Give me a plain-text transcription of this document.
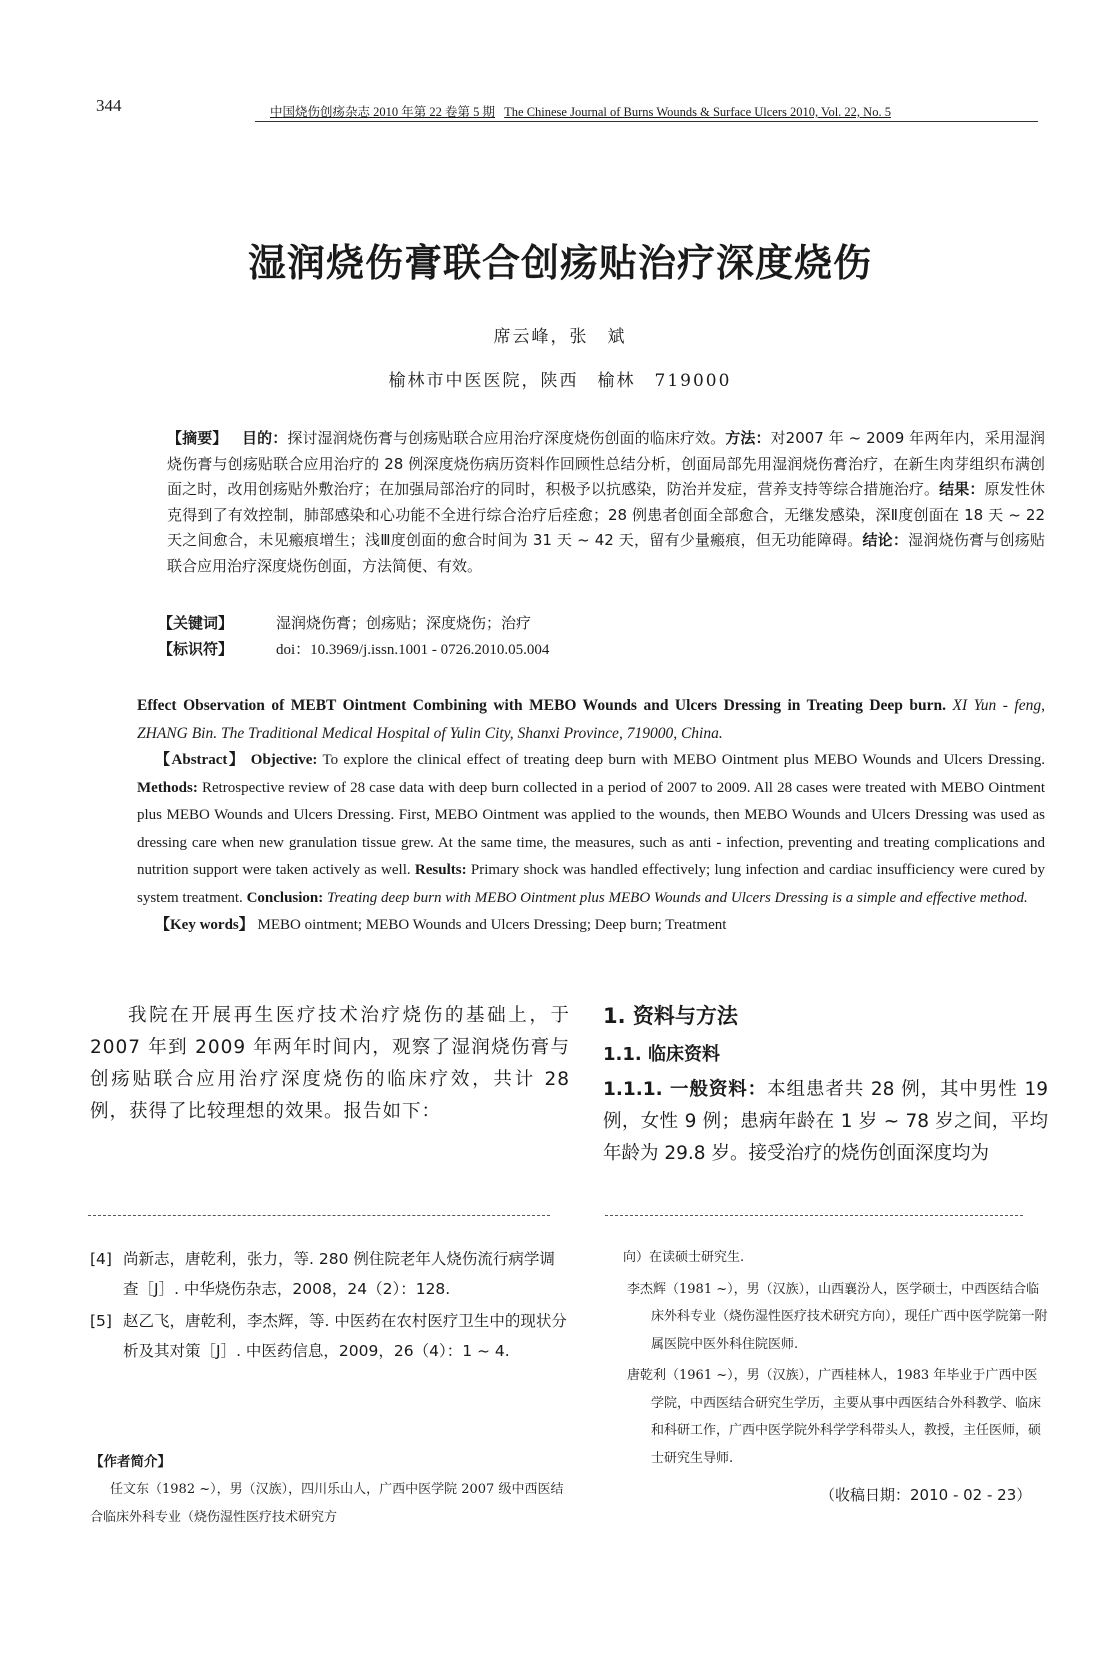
344	中国烧伤创疡杂志 2010 年第 22 卷第 5 期 The Chinese Journal of Burns Wounds & Surface Ulcers 2010, Vol. 22, No. 5
湿润烧伤膏联合创疡贴治疗深度烧伤
席云峰，张　斌
榆林市中医医院，陕西　榆林　719000
【摘要】 目的：探讨湿润烧伤膏与创疡贴联合应用治疗深度烧伤创面的临床疗效。方法：对2007 年 ~ 2009 年两年内，采用湿润烧伤膏与创疡贴联合应用治疗的 28 例深度烧伤病历资料作回顾性总结分析，创面局部先用湿润烧伤膏治疗，在新生肉芽组织布满创面之时，改用创疡贴外敷治疗；在加强局部治疗的同时，积极予以抗感染，防治并发症，营养支持等综合措施治疗。结果：原发性休克得到了有效控制，肺部感染和心功能不全进行综合治疗后痊愈；28 例患者创面全部愈合，无继发感染，深Ⅱ度创面在 18 天 ~ 22 天之间愈合，未见瘢痕增生；浅Ⅲ度创面的愈合时间为 31 天 ~ 42 天，留有少量瘢痕，但无功能障碍。结论：湿润烧伤膏与创疡贴联合应用治疗深度烧伤创面，方法简便、有效。
【关键词】	湿润烧伤膏；创疡贴；深度烧伤；治疗
【标识符】	doi：10.3969/j.issn.1001 - 0726.2010.05.004
Effect Observation of MEBT Ointment Combining with MEBO Wounds and Ulcers Dressing in Treating Deep burn. XI Yun - feng, ZHANG Bin. The Traditional Medical Hospital of Yulin City, Shanxi Province, 719000, China.
【Abstract】 Objective: To explore the clinical effect of treating deep burn with MEBO Ointment plus MEBO Wounds and Ulcers Dressing. Methods: Retrospective review of 28 case data with deep burn collected in a period of 2007 to 2009. All 28 cases were treated with MEBO Ointment plus MEBO Wounds and Ulcers Dressing. First, MEBO Ointment was applied to the wounds, then MEBO Wounds and Ulcers Dressing was used as dressing care when new granulation tissue grew. At the same time, the measures, such as anti - infection, preventing and treating complications and nutrition support were taken actively as well. Results: Primary shock was handled effectively; lung infection and cardiac insufficiency were cured by system treatment. Conclusion: Treating deep burn with MEBO Ointment plus MEBO Wounds and Ulcers Dressing is a simple and effective method.
【Key words】 MEBO ointment; MEBO Wounds and Ulcers Dressing; Deep burn; Treatment
我院在开展再生医疗技术治疗烧伤的基础上，于 2007 年到 2009 年两年时间内，观察了湿润烧伤膏与创疡贴联合应用治疗深度烧伤的临床疗效，共计 28 例，获得了比较理想的效果。报告如下：
1. 资料与方法
1.1. 临床资料
1.1.1. 一般资料：本组患者共 28 例，其中男性 19 例，女性 9 例；患病年龄在 1 岁 ~ 78 岁之间，平均年龄为 29.8 岁。接受治疗的烧伤创面深度均为
[4] 尚新志，唐乾利，张力，等. 280 例住院老年人烧伤流行病学调查［J］. 中华烧伤杂志，2008，24（2）：128.
[5] 赵乙飞，唐乾利，李杰辉，等. 中医药在农村医疗卫生中的现状分析及其对策［J］. 中医药信息，2009，26（4）：1 ~ 4.
【作者简介】
任文东（1982 ~），男（汉族），四川乐山人，广西中医学院 2007 级中西医结合临床外科专业（烧伤湿性医疗技术研究方
向）在读硕士研究生.
李杰辉（1981 ~），男（汉族），山西襄汾人，医学硕士，中西医结合临床外科专业（烧伤湿性医疗技术研究方向），现任广西中医学院第一附属医院中医外科住院医师.
唐乾利（1961 ~），男（汉族），广西桂林人，1983 年毕业于广西中医学院，中西医结合研究生学历，主要从事中西医结合外科教学、临床和科研工作，广西中医学院外科学学科带头人，教授，主任医师，硕士研究生导师.
（收稿日期：2010 - 02 - 23）
